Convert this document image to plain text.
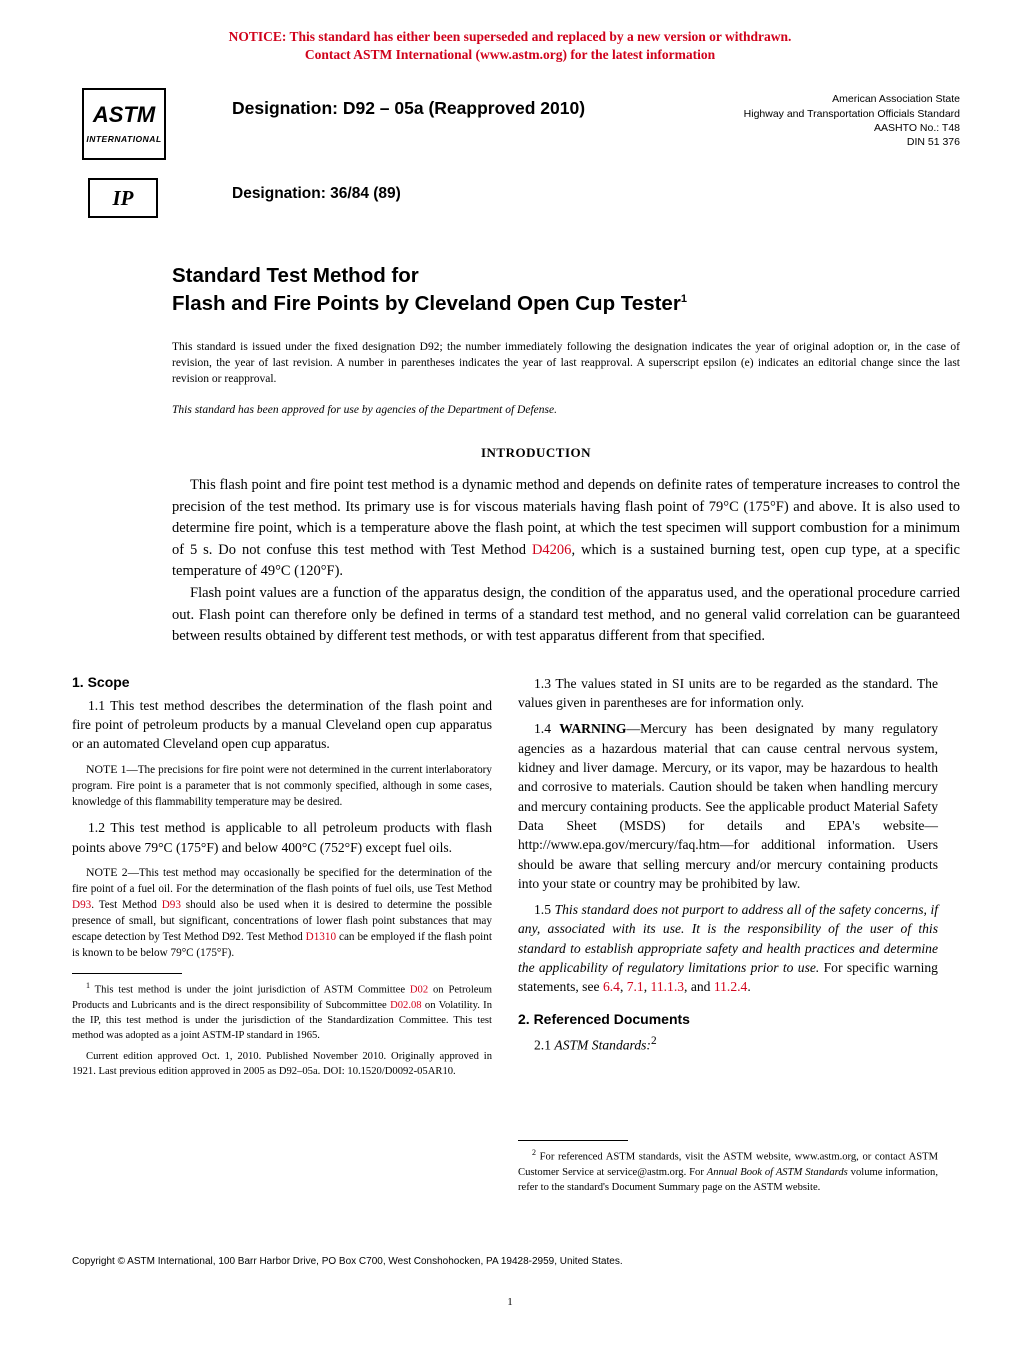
NOTICE: This standard has either been superseded and replaced by a new version or withdrawn.
Contact ASTM International (www.astm.org) for the latest information
ASTM
INTERNATIONAL
Designation: D92 – 05a (Reapproved 2010)	American Association State
Highway and Transportation Officials Standard
AASHTO No.: T48
DIN 51 376
IP	Designation: 36/84 (89)
Standard Test Method for
Flash and Fire Points by Cleveland Open Cup Tester$^1$
This standard is issued under the fixed designation D92; the number immediately following the designation indicates the year of original adoption or, in the case of revision, the year of last revision. A number in parentheses indicates the year of last reapproval. A superscript epsilon (e) indicates an editorial change since the last revision or reapproval.
This standard has been approved for use by agencies of the Department of Defense.
INTRODUCTION

This flash point and fire point test method is a dynamic method and depends on definite rates of temperature increases to control the precision of the test method. Its primary use is for viscous materials having flash point of 79°C (175°F) and above. It is also used to determine fire point, which is a temperature above the flash point, at which the test specimen will support combustion for a minimum of 5 s. Do not confuse this test method with Test Method D4206, which is a sustained burning test, open cup type, at a specific temperature of 49°C (120°F).

Flash point values are a function of the apparatus design, the condition of the apparatus used, and the operational procedure carried out. Flash point can therefore only be defined in terms of a standard test method, and no general valid correlation can be guaranteed between results obtained by different test methods, or with test apparatus different from that specified.

1. Scope

1.1 This test method describes the determination of the flash point and fire point of petroleum products by a manual Cleveland open cup apparatus or an automated Cleveland open cup apparatus.

NOTE 1—The precisions for fire point were not determined in the current interlaboratory program. Fire point is a parameter that is not commonly specified, although in some cases, knowledge of this flammability temperature may be desired.

1.2 This test method is applicable to all petroleum products with flash points above 79°C (175°F) and below 400°C (752°F) except fuel oils.

NOTE 2—This test method may occasionally be specified for the determination of the fire point of a fuel oil. For the determination of the flash points of fuel oils, use Test Method D93. Test Method D93 should also be used when it is desired to determine the possible presence of small, but significant, concentrations of lower flash point substances that may escape detection by Test Method D92. Test Method D1310 can be employed if the flash point is known to be below 79°C (175°F).

$^1$ This test method is under the joint jurisdiction of ASTM Committee D02 on Petroleum Products and Lubricants and is the direct responsibility of Subcommittee D02.08 on Volatility. In the IP, this test method is under the jurisdiction of the Standardization Committee. This test method was adopted as a joint ASTM-IP standard in 1965.

Current edition approved Oct. 1, 2010. Published November 2010. Originally approved in 1921. Last previous edition approved in 2005 as D92–05a. DOI: 10.1520/D0092-05AR10.

1.3 The values stated in SI units are to be regarded as the standard. The values given in parentheses are for information only.

1.4 WARNING—Mercury has been designated by many regulatory agencies as a hazardous material that can cause central nervous system, kidney and liver damage. Mercury, or its vapor, may be hazardous to health and corrosive to materials. Caution should be taken when handling mercury and mercury containing products. See the applicable product Material Safety Data Sheet (MSDS) for details and EPA's website—http://www.epa.gov/mercury/faq.htm—for additional information. Users should be aware that selling mercury and/or mercury containing products into your state or country may be prohibited by law.

1.5 This standard does not purport to address all of the safety concerns, if any, associated with its use. It is the responsibility of the user of this standard to establish appropriate safety and health practices and determine the applicability of regulatory limitations prior to use. For specific warning statements, see 6.4, 7.1, 11.1.3, and 11.2.4.

2. Referenced Documents

2.1 ASTM Standards:$^2$

$^2$ For referenced ASTM standards, visit the ASTM website, www.astm.org, or contact ASTM Customer Service at service@astm.org. For Annual Book of ASTM Standards volume information, refer to the standard's Document Summary page on the ASTM website.

Copyright © ASTM International, 100 Barr Harbor Drive, PO Box C700, West Conshohocken, PA 19428-2959, United States.
1
